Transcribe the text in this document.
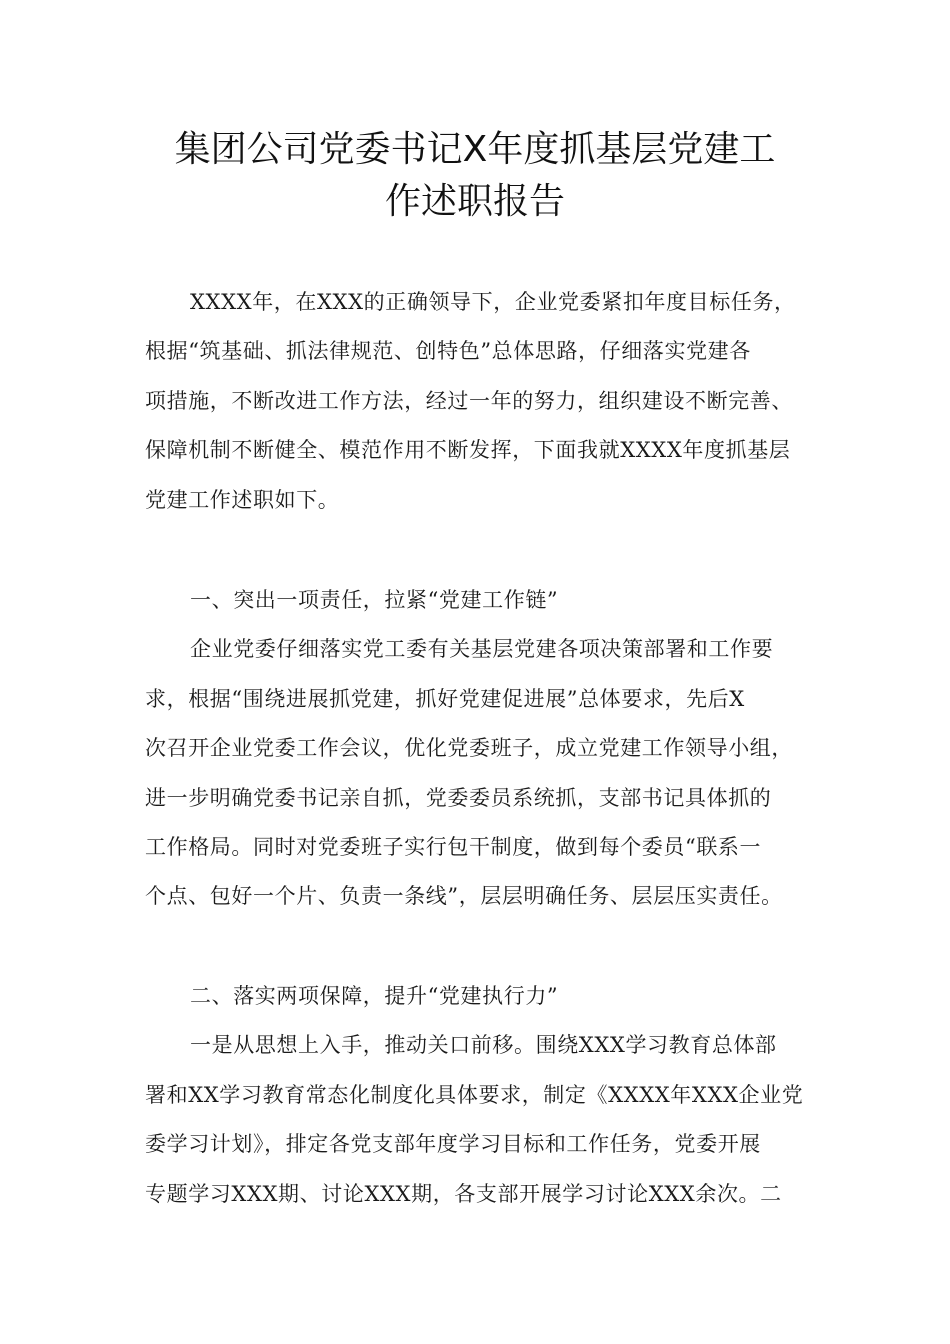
集团公司党委书记X年度抓基层党建工
作述职报告
XXXX年，在XXX的正确领导下，企业党委紧扣年度目标任务，
根据“筑基础、抓法律规范、创特色”总体思路，仔细落实党建各
项措施，不断改进工作方法，经过一年的努力，组织建设不断完善、
保障机制不断健全、模范作用不断发挥，下面我就XXXX年度抓基层
党建工作述职如下。
一、突出一项责任，拉紧“党建工作链”
企业党委仔细落实党工委有关基层党建各项决策部署和工作要
求，根据“围绕进展抓党建，抓好党建促进展”总体要求，先后X
次召开企业党委工作会议，优化党委班子，成立党建工作领导小组，
进一步明确党委书记亲自抓，党委委员系统抓，支部书记具体抓的
工作格局。同时对党委班子实行包干制度，做到每个委员“联系一
个点、包好一个片、负责一条线”，层层明确任务、层层压实责任。
二、落实两项保障，提升“党建执行力”
一是从思想上入手，推动关口前移。围绕XXX学习教育总体部
署和XX学习教育常态化制度化具体要求，制定《XXXX年XXX企业党
委学习计划》，排定各党支部年度学习目标和工作任务，党委开展
专题学习XXX期、讨论XXX期，各支部开展学习讨论XXX余次。二
